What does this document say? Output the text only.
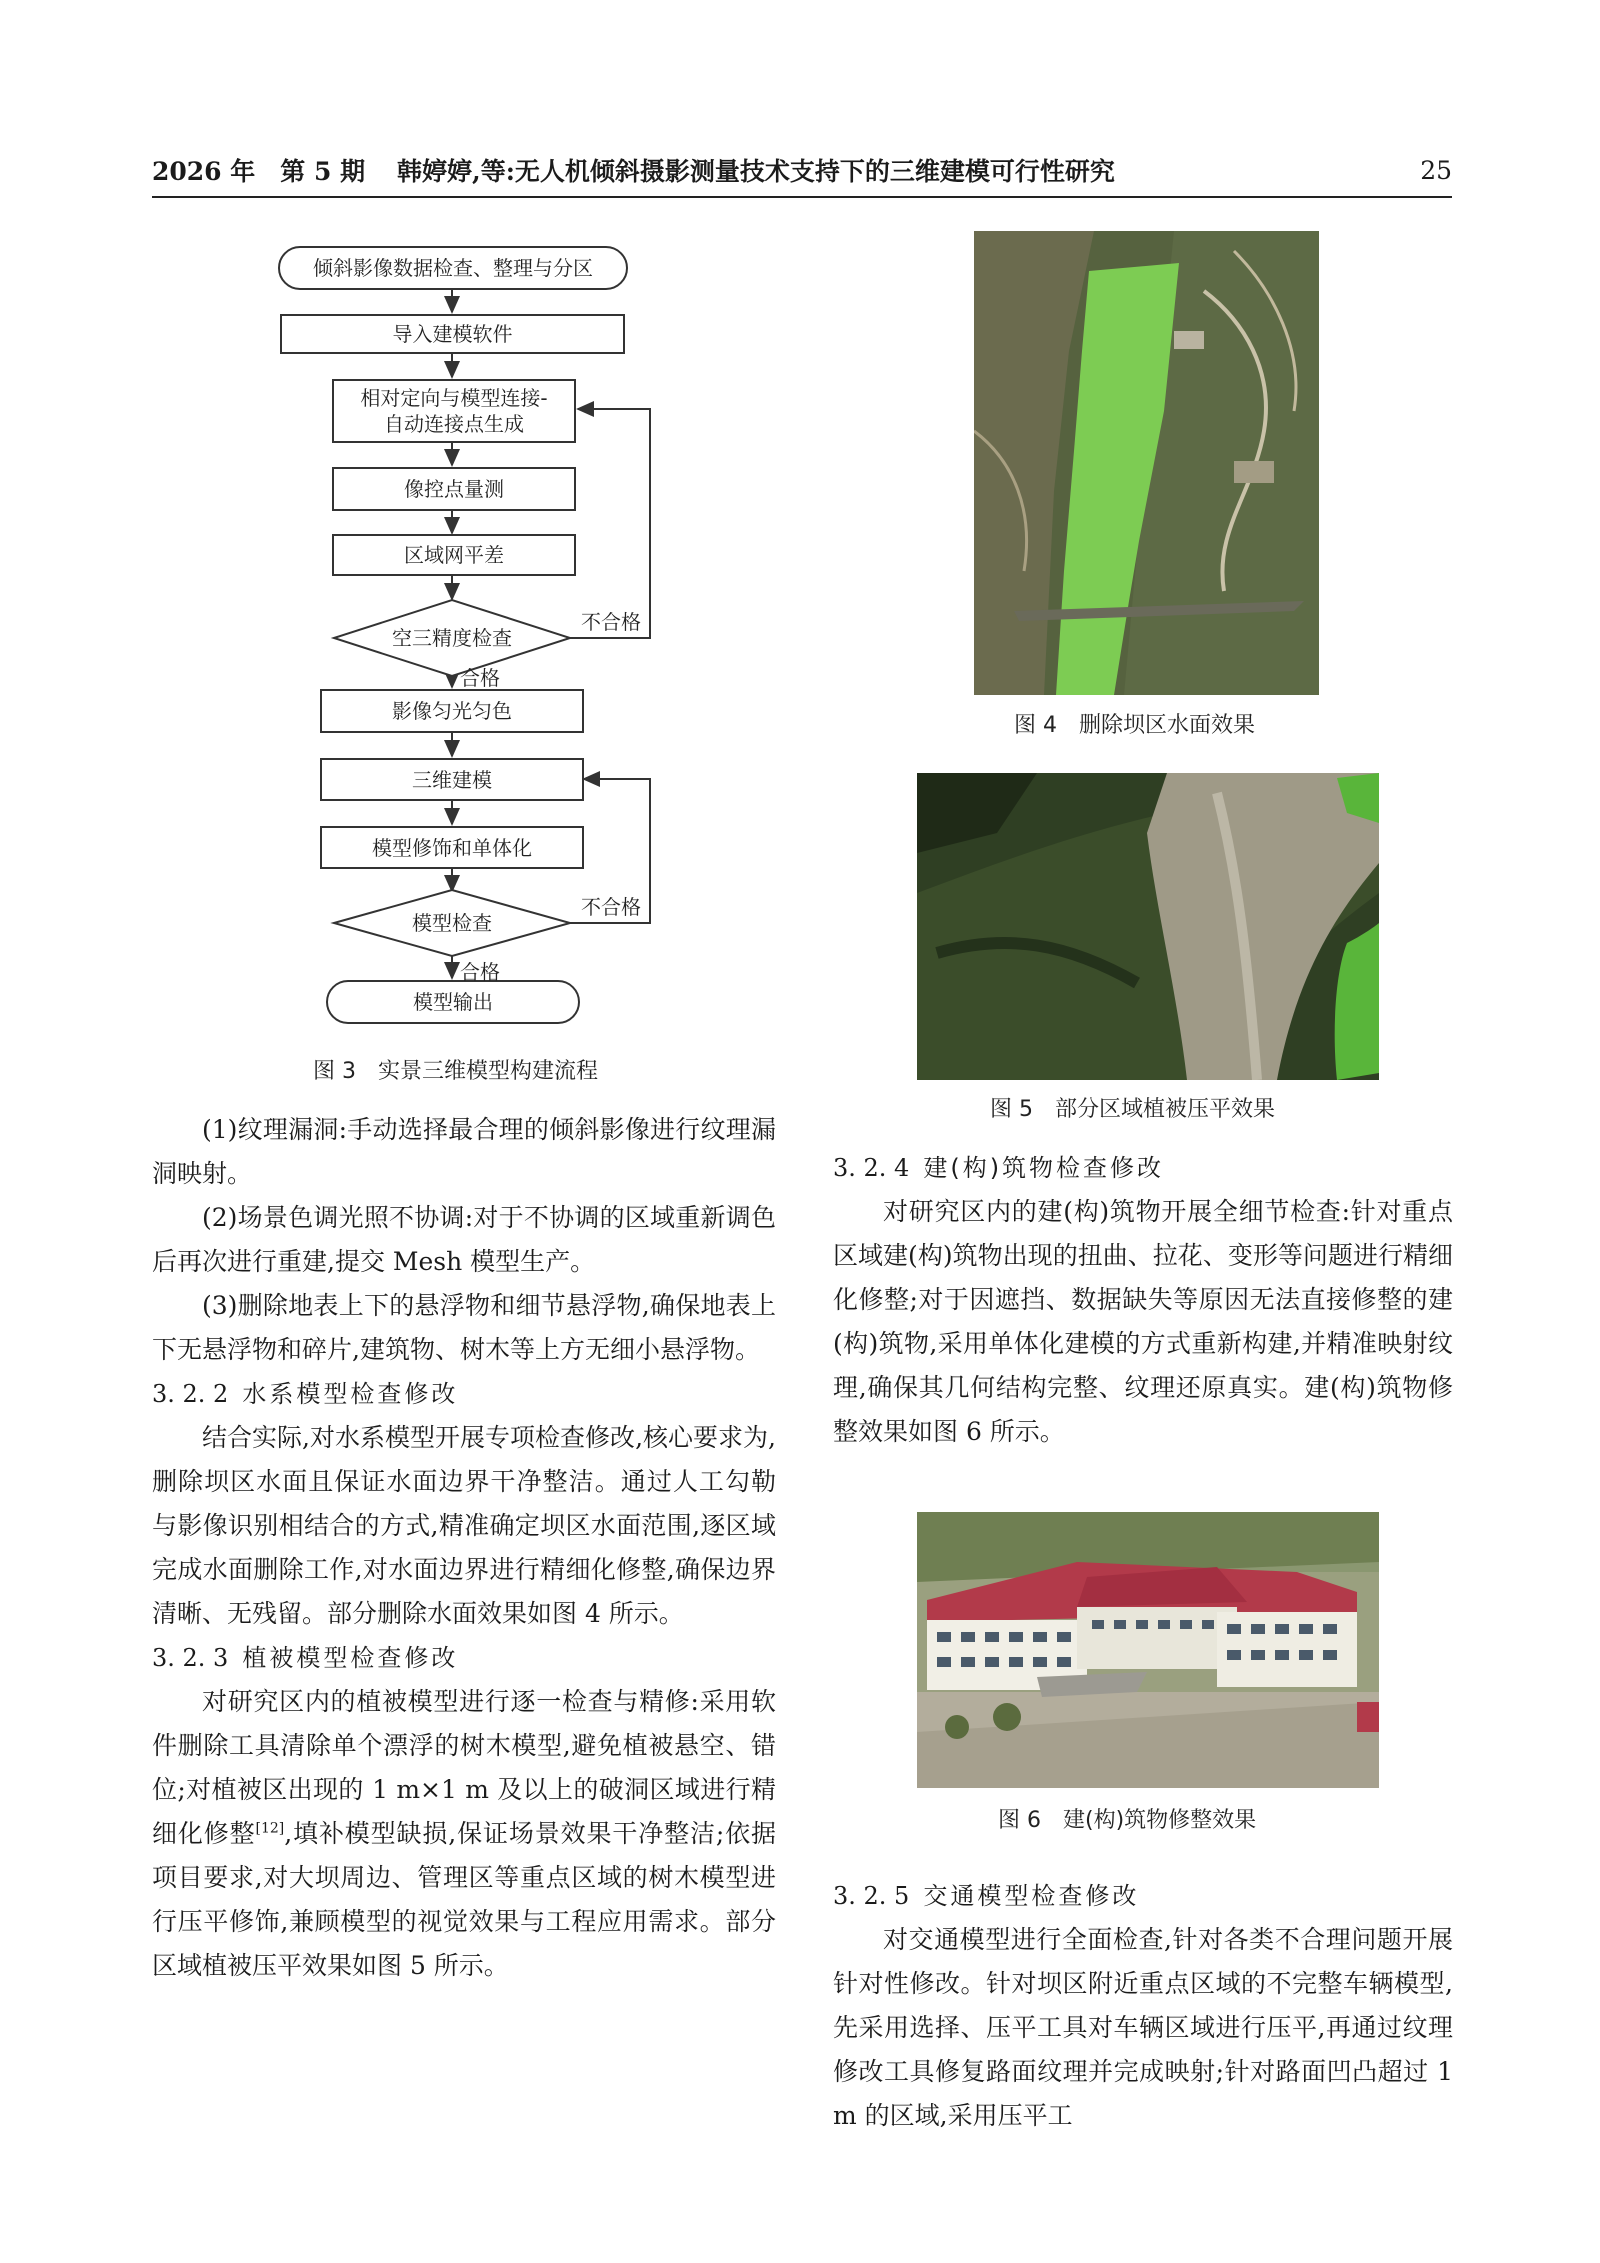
2026 年　第 5 期	韩婷婷,等:无人机倾斜摄影测量技术支持下的三维建模可行性研究	25
倾斜影像数据检查、整理与分区
导入建模软件
相对定向与模型连接-
自动连接点生成
像控点量测
区域网平差
空三精度检查
影像匀光匀色
三维建模
模型修饰和单体化
模型检查
模型输出
合格
不合格
合格
不合格
图 3　实景三维模型构建流程
图 4　删除坝区水面效果
图 5　部分区域植被压平效果
图 6　建(构)筑物修整效果

(1)纹理漏洞:手动选择最合理的倾斜影像进行纹理漏洞映射。

(2)场景色调光照不协调:对于不协调的区域重新调色后再次进行重建,提交 Mesh 模型生产。

(3)删除地表上下的悬浮物和细节悬浮物,确保地表上下无悬浮物和碎片,建筑物、树木等上方无细小悬浮物。

3. 2. 2 水系模型检查修改

结合实际,对水系模型开展专项检查修改,核心要求为,删除坝区水面且保证水面边界干净整洁。通过人工勾勒与影像识别相结合的方式,精准确定坝区水面范围,逐区域完成水面删除工作,对水面边界进行精细化修整,确保边界清晰、无残留。部分删除水面效果如图 4 所示。

3. 2. 3 植被模型检查修改

对研究区内的植被模型进行逐一检查与精修:采用软件删除工具清除单个漂浮的树木模型,避免植被悬空、错位;对植被区出现的 1 m×1 m 及以上的破洞区域进行精细化修整[12],填补模型缺损,保证场景效果干净整洁;依据项目要求,对大坝周边、管理区等重点区域的树木模型进行压平修饰,兼顾模型的视觉效果与工程应用需求。部分区域植被压平效果如图 5 所示。

3. 2. 4 建(构)筑物检查修改

对研究区内的建(构)筑物开展全细节检查:针对重点区域建(构)筑物出现的扭曲、拉花、变形等问题进行精细化修整;对于因遮挡、数据缺失等原因无法直接修整的建(构)筑物,采用单体化建模的方式重新构建,并精准映射纹理,确保其几何结构完整、纹理还原真实。建(构)筑物修整效果如图 6 所示。

3. 2. 5 交通模型检查修改

对交通模型进行全面检查,针对各类不合理问题开展针对性修改。针对坝区附近重点区域的不完整车辆模型,先采用选择、压平工具对车辆区域进行压平,再通过纹理修改工具修复路面纹理并完成映射;针对路面凹凸超过 1 m 的区域,采用压平工
